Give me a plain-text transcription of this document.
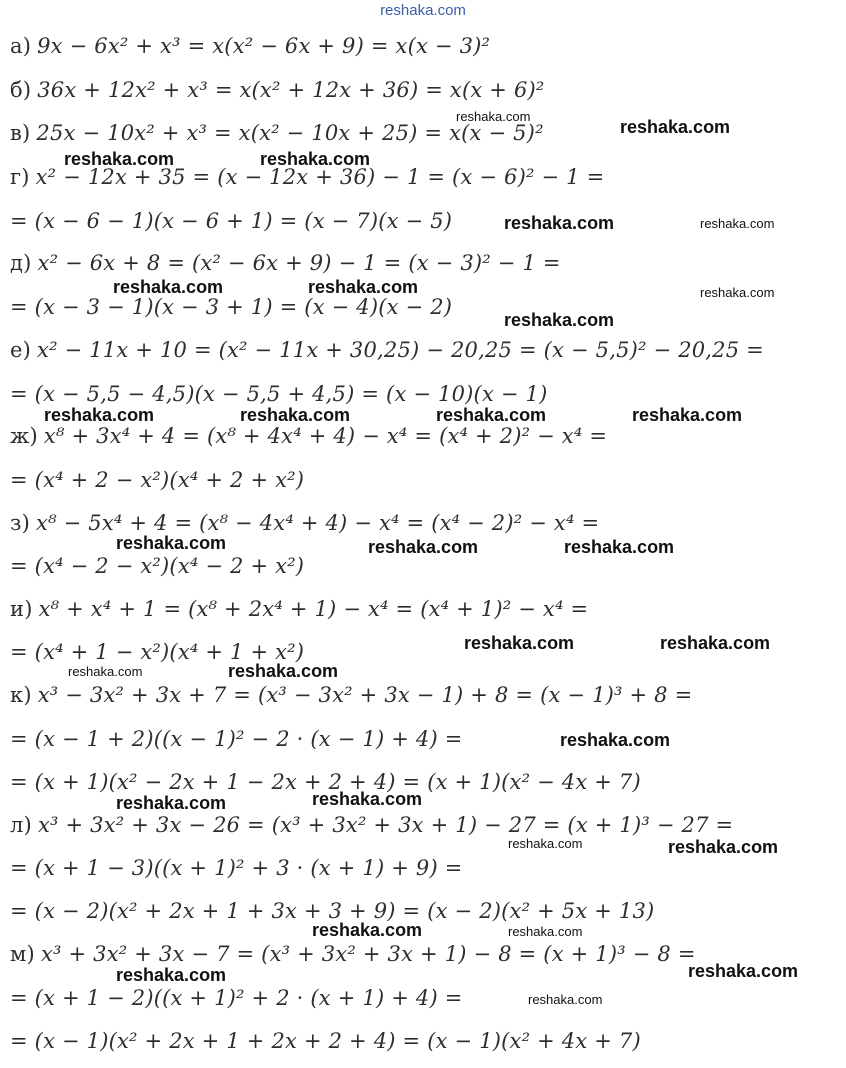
reshaka.com
а) 9x − 6x² + x³ = x(x² − 6x + 9) = x(x − 3)²
б) 36x + 12x² + x³ = x(x² + 12x + 36) = x(x + 6)²
в) 25x − 10x² + x³ = x(x² − 10x + 25) = x(x − 5)²
г) x² − 12x + 35 = (x − 12x + 36) − 1 = (x − 6)² − 1 =
= (x − 6 − 1)(x − 6 + 1) = (x − 7)(x − 5)
д) x² − 6x + 8 = (x² − 6x + 9) − 1 = (x − 3)² − 1 =
= (x − 3 − 1)(x − 3 + 1) = (x − 4)(x − 2)
е) x² − 11x + 10 = (x² − 11x + 30,25) − 20,25 = (x − 5,5)² − 20,25 =
= (x − 5,5 − 4,5)(x − 5,5 + 4,5) = (x − 10)(x − 1)
ж) x⁸ + 3x⁴ + 4 = (x⁸ + 4x⁴ + 4) − x⁴ = (x⁴ + 2)² − x⁴ =
= (x⁴ + 2 − x²)(x⁴ + 2 + x²)
з) x⁸ − 5x⁴ + 4 = (x⁸ − 4x⁴ + 4) − x⁴ = (x⁴ − 2)² − x⁴ =
= (x⁴ − 2 − x²)(x⁴ − 2 + x²)
и) x⁸ + x⁴ + 1 = (x⁸ + 2x⁴ + 1) − x⁴ = (x⁴ + 1)² − x⁴ =
= (x⁴ + 1 − x²)(x⁴ + 1 + x²)
к) x³ − 3x² + 3x + 7 = (x³ − 3x² + 3x − 1) + 8 = (x − 1)³ + 8 =
= (x − 1 + 2)((x − 1)² − 2 · (x − 1) + 4) =
= (x + 1)(x² − 2x + 1 − 2x + 2 + 4) = (x + 1)(x² − 4x + 7)
л) x³ + 3x² + 3x − 26 = (x³ + 3x² + 3x + 1) − 27 = (x + 1)³ − 27 =
= (x + 1 − 3)((x + 1)² + 3 · (x + 1) + 9) =
= (x − 2)(x² + 2x + 1 + 3x + 3 + 9) = (x − 2)(x² + 5x + 13)
м) x³ + 3x² + 3x − 7 = (x³ + 3x² + 3x + 1) − 8 = (x + 1)³ − 8 =
= (x + 1 − 2)((x + 1)² + 2 · (x + 1) + 4) =
= (x − 1)(x² + 2x + 1 + 2x + 2 + 4) = (x − 1)(x² + 4x + 7)
reshaka.com
reshaka.com
reshaka.com	reshaka.com
reshaka.com	reshaka.com
reshaka.com	reshaka.com	reshaka.com
reshaka.com
reshaka.com	reshaka.com	reshaka.com	reshaka.com
reshaka.com	reshaka.com	reshaka.com
reshaka.com	reshaka.com
reshaka.com	reshaka.com
reshaka.com
reshaka.com	reshaka.com
reshaka.com	reshaka.com
reshaka.com	reshaka.com
reshaka.com	reshaka.com
reshaka.com
